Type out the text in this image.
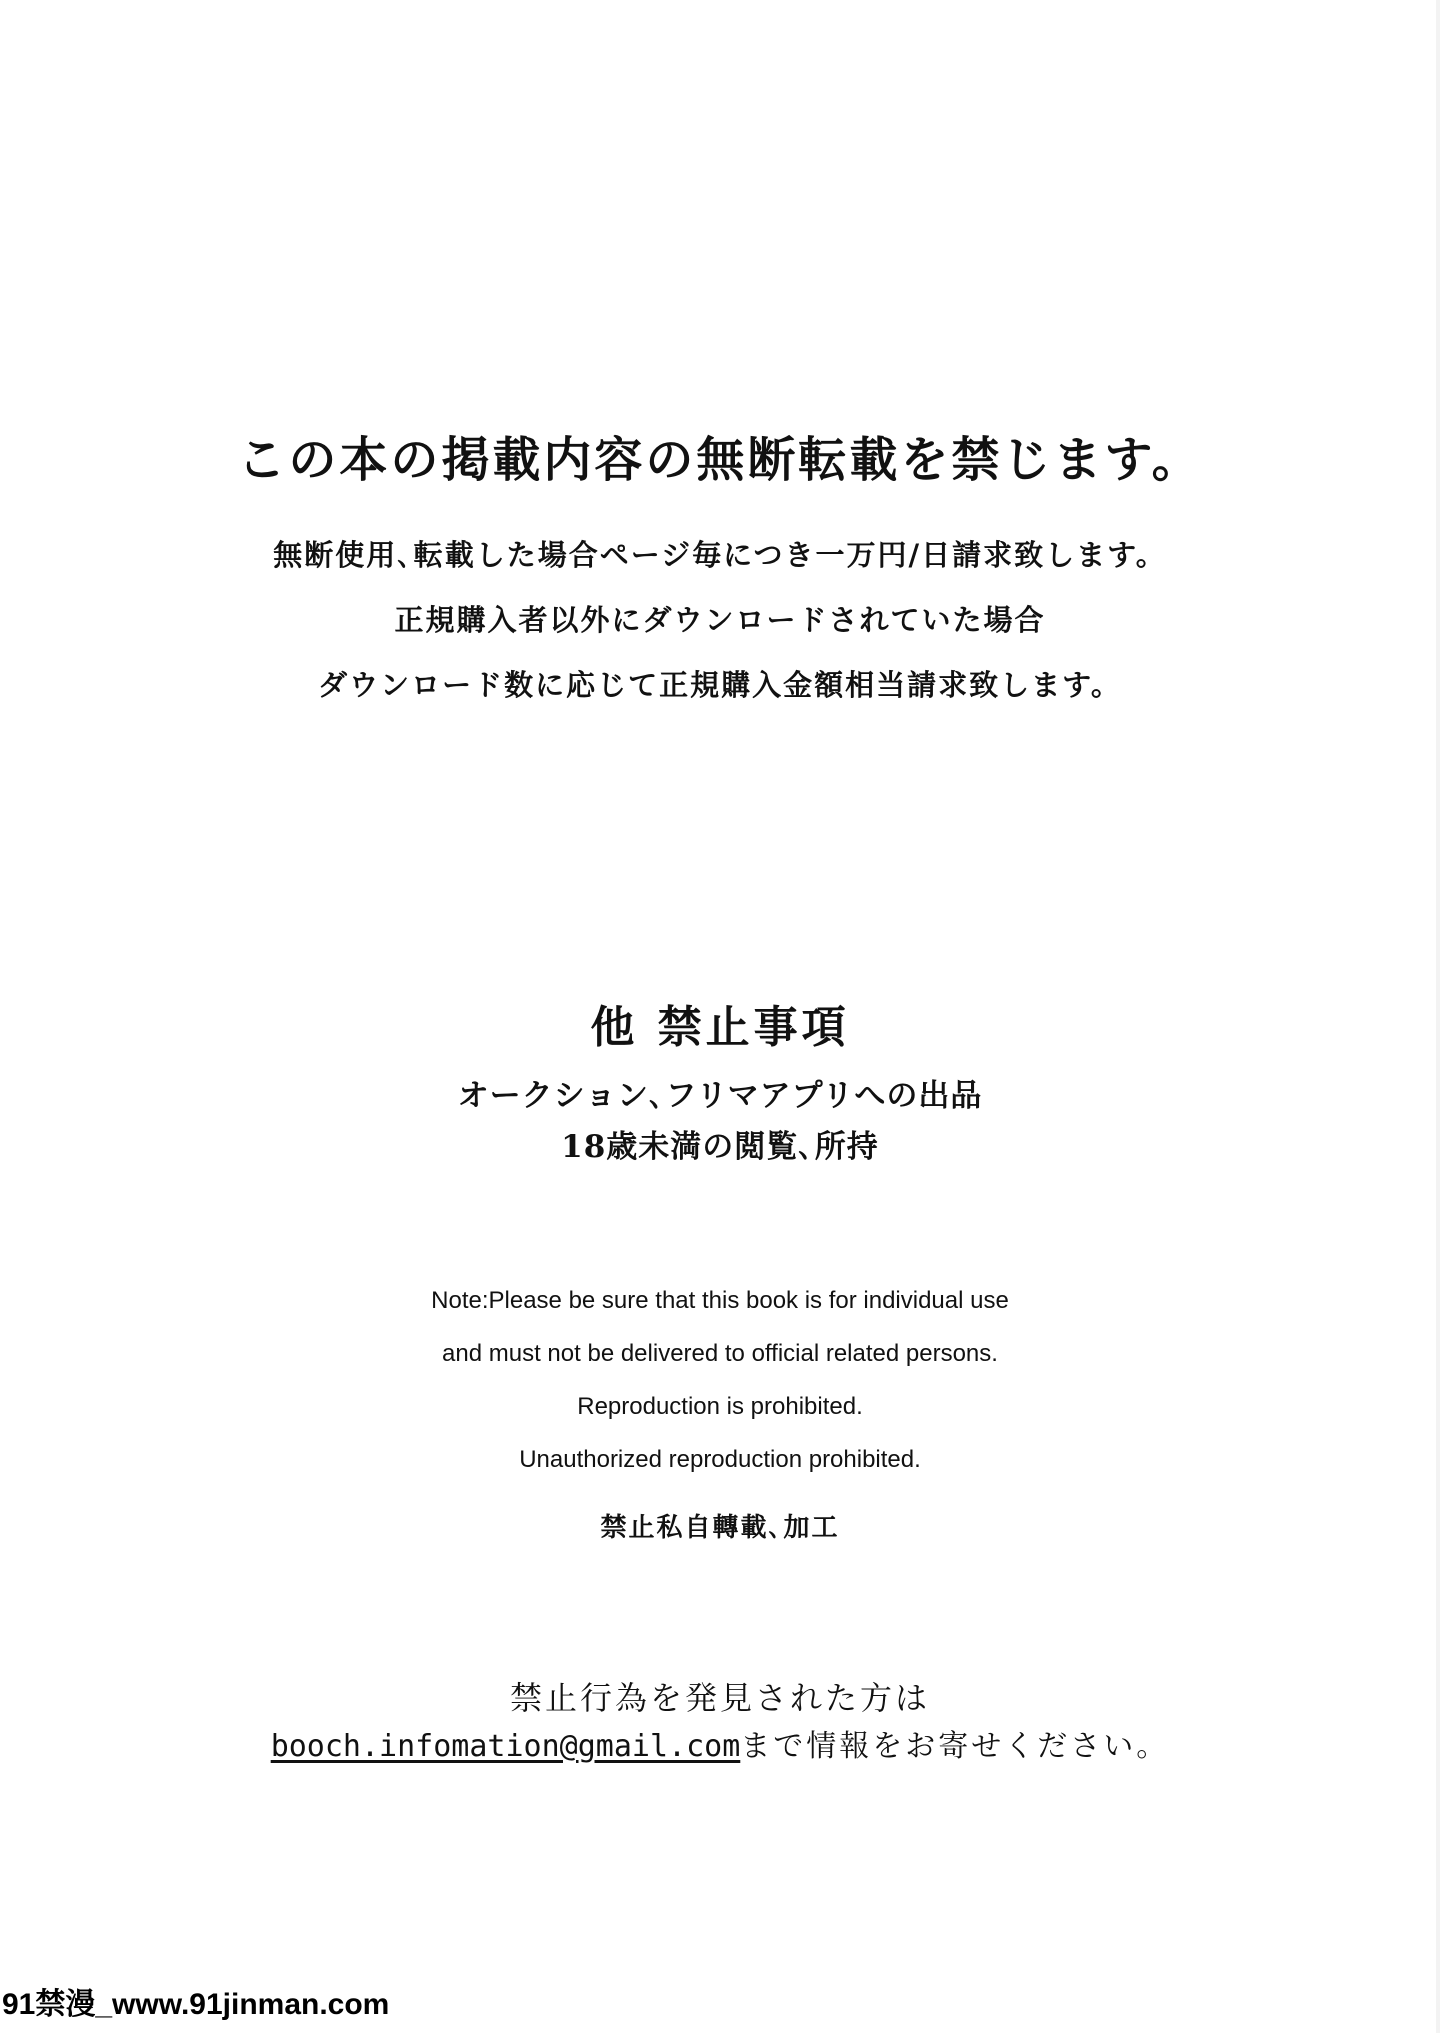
この本の掲載内容の無断転載を禁じます。
無断使用､転載した場合ページ毎につき一万円/日請求致します。
正規購入者以外にダウンロードされていた場合
ダウンロード数に応じて正規購入金額相当請求致します。
他 禁止事項
オークション､フリマアプリへの出品
18歳未満の閲覧､所持
Note:Please be sure that this book is for individual use
and must not be delivered to official related persons.
Reproduction is prohibited.
Unauthorized reproduction prohibited.
禁止私自轉載､加工
禁止行為を発見された方は
booch.infomation@gmail.comまで情報をお寄せください。
91禁漫_www.91jinman.com
